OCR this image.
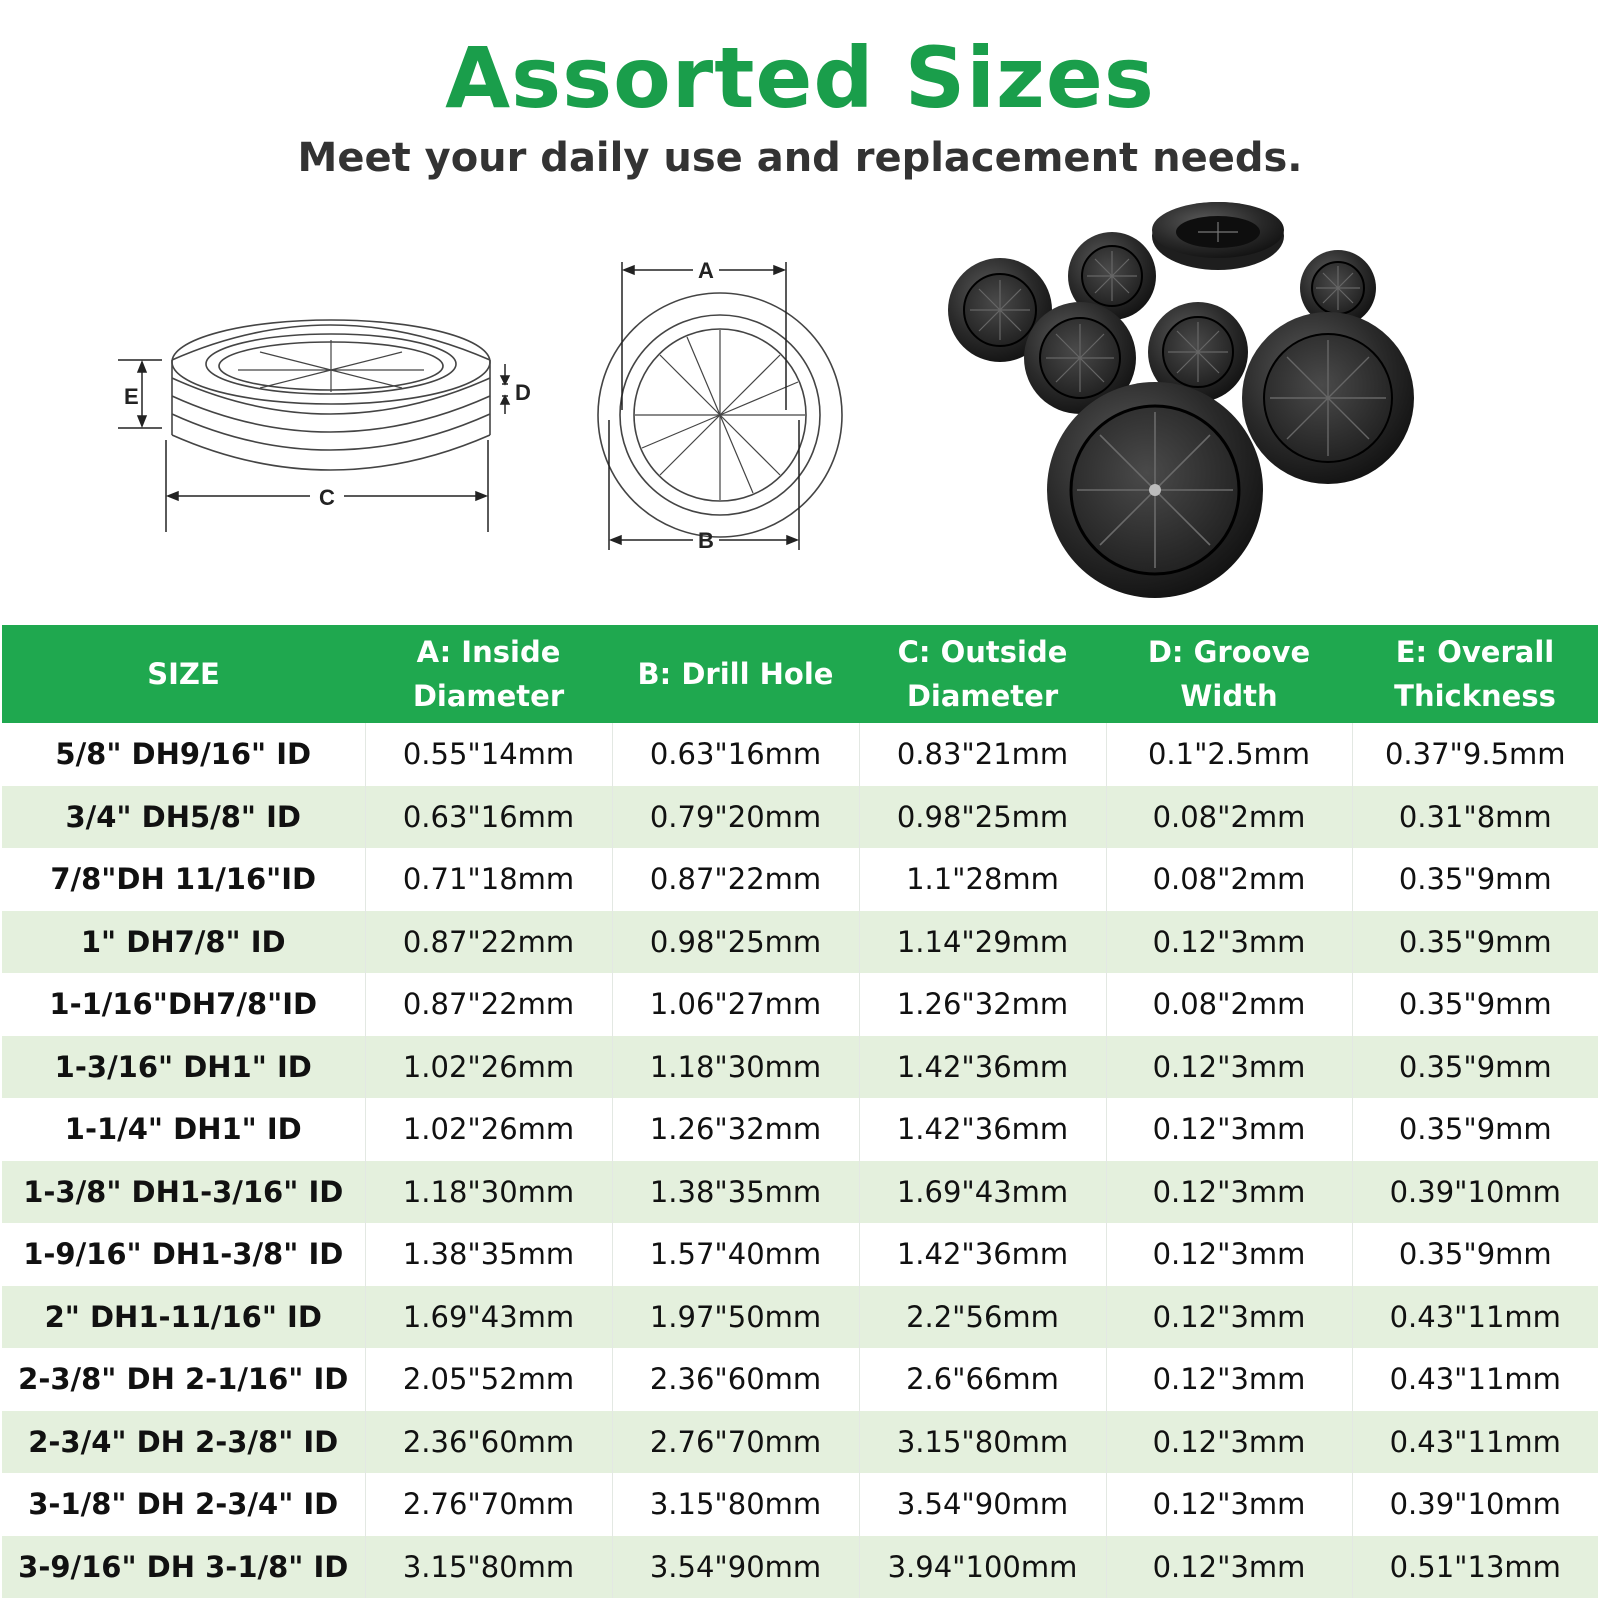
Assorted Sizes
Meet your daily use and replacement needs.
E	D
C
A
B
SIZE	A: Inside Diameter	B: Drill Hole	C: Outside Diameter	D: Groove Width	E: Overall Thickness
5/8" DH9/16" ID	0.55"14mm	0.63"16mm	0.83"21mm	0.1"2.5mm	0.37"9.5mm
3/4" DH5/8" ID	0.63"16mm	0.79"20mm	0.98"25mm	0.08"2mm	0.31"8mm
7/8"DH 11/16"ID	0.71"18mm	0.87"22mm	1.1"28mm	0.08"2mm	0.35"9mm
1" DH7/8" ID	0.87"22mm	0.98"25mm	1.14"29mm	0.12"3mm	0.35"9mm
1-1/16"DH7/8"ID	0.87"22mm	1.06"27mm	1.26"32mm	0.08"2mm	0.35"9mm
1-3/16" DH1" ID	1.02"26mm	1.18"30mm	1.42"36mm	0.12"3mm	0.35"9mm
1-1/4" DH1" ID	1.02"26mm	1.26"32mm	1.42"36mm	0.12"3mm	0.35"9mm
1-3/8" DH1-3/16" ID	1.18"30mm	1.38"35mm	1.69"43mm	0.12"3mm	0.39"10mm
1-9/16" DH1-3/8" ID	1.38"35mm	1.57"40mm	1.42"36mm	0.12"3mm	0.35"9mm
2" DH1-11/16" ID	1.69"43mm	1.97"50mm	2.2"56mm	0.12"3mm	0.43"11mm
2-3/8" DH 2-1/16" ID	2.05"52mm	2.36"60mm	2.6"66mm	0.12"3mm	0.43"11mm
2-3/4" DH 2-3/8" ID	2.36"60mm	2.76"70mm	3.15"80mm	0.12"3mm	0.43"11mm
3-1/8" DH 2-3/4" ID	2.76"70mm	3.15"80mm	3.54"90mm	0.12"3mm	0.39"10mm
3-9/16" DH 3-1/8" ID	3.15"80mm	3.54"90mm	3.94"100mm	0.12"3mm	0.51"13mm
